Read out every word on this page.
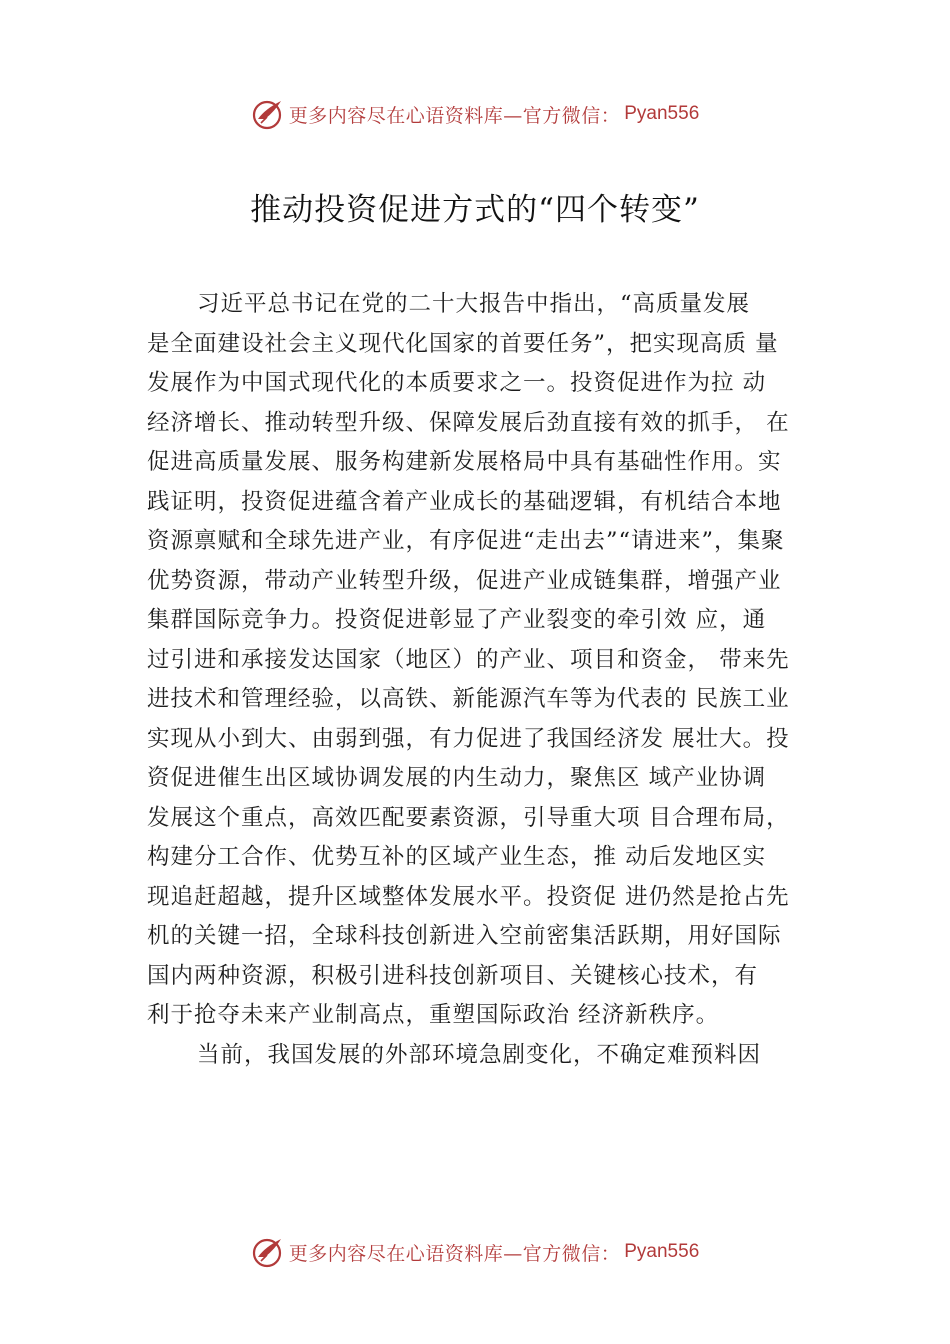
更多内容尽在心语资料库—官方微信： Pyan556
推动投资促进方式的“四个转变”
习近平总书记在党的二十大报告中指出，“高质量发展
是全面建设社会主义现代化国家的首要任务”，把实现高质 量
发展作为中国式现代化的本质要求之一。投资促进作为拉 动
经济增长、推动转型升级、保障发展后劲直接有效的抓手， 在
促进高质量发展、服务构建新发展格局中具有基础性作用。实
践证明，投资促进蕴含着产业成长的基础逻辑，有机结合本地
资源禀赋和全球先进产业，有序促进“走出去”“请进来”，集聚
优势资源，带动产业转型升级，促进产业成链集群，增强产业
集群国际竞争力。投资促进彰显了产业裂变的牵引效 应，通
过引进和承接发达国家（地区）的产业、项目和资金， 带来先
进技术和管理经验，以高铁、新能源汽车等为代表的 民族工业
实现从小到大、由弱到强，有力促进了我国经济发 展壮大。投
资促进催生出区域协调发展的内生动力，聚焦区 域产业协调
发展这个重点，高效匹配要素资源，引导重大项 目合理布局，
构建分工合作、优势互补的区域产业生态，推 动后发地区实
现追赶超越，提升区域整体发展水平。投资促 进仍然是抢占先
机的关键一招，全球科技创新进入空前密集活跃期，用好国际
国内两种资源，积极引进科技创新项目、关键核心技术，有
利于抢夺未来产业制高点，重塑国际政治 经济新秩序。
当前，我国发展的外部环境急剧变化，不确定难预料因
更多内容尽在心语资料库—官方微信： Pyan556
